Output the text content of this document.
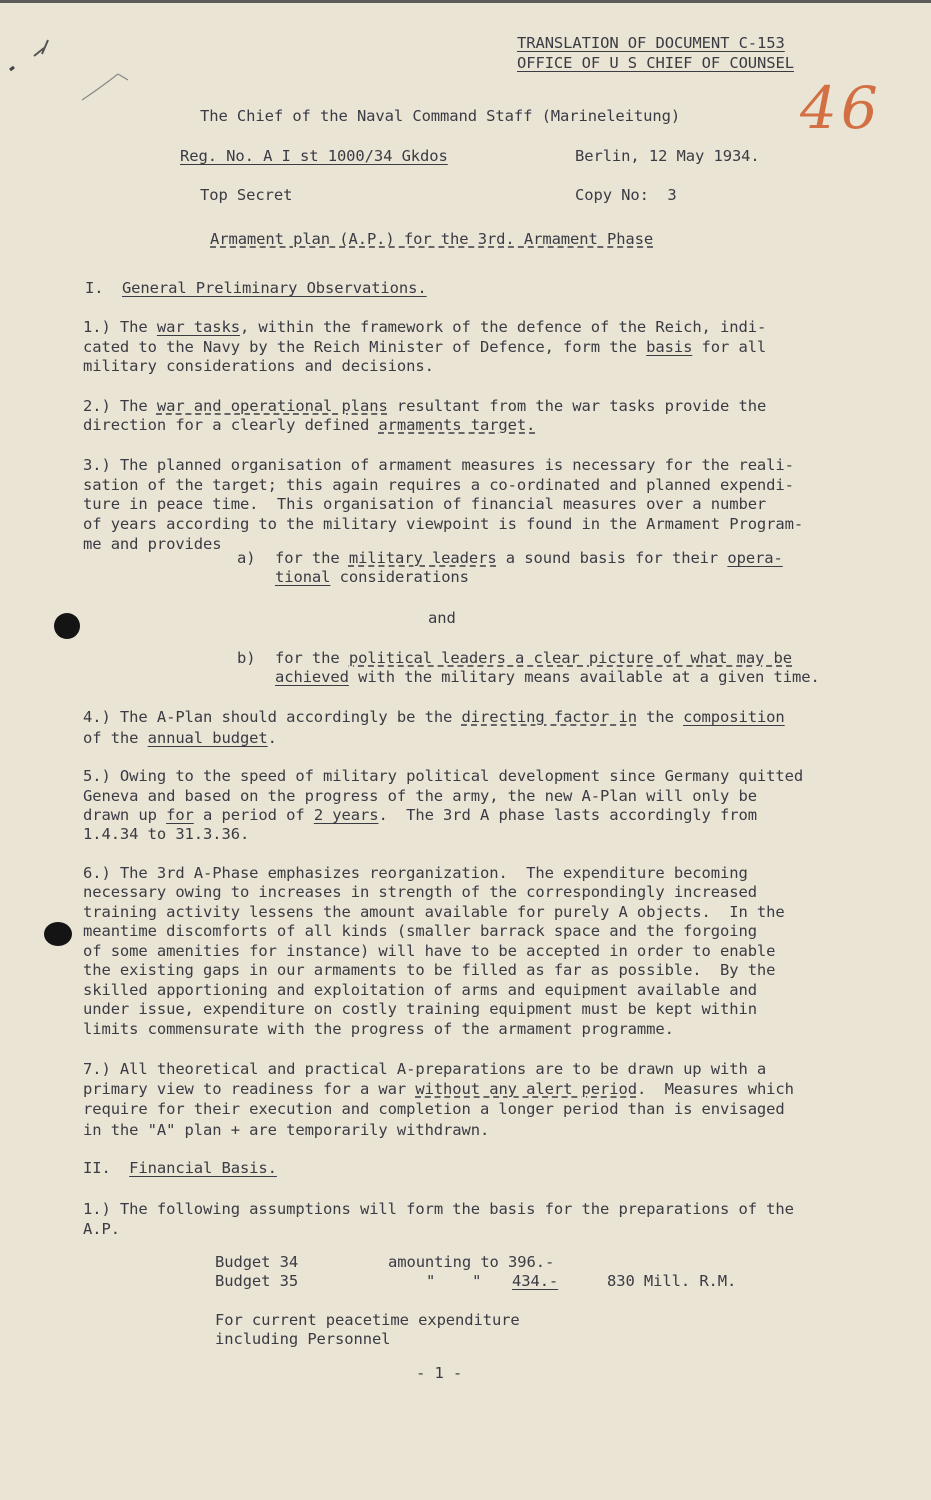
TRANSLATION OF DOCUMENT C-153
OFFICE OF U S CHIEF OF COUNSEL
46
The Chief of the Naval Command Staff (Marineleitung)
Reg. No. A I st 1000/34 Gkdos	Berlin, 12 May 1934.
Top Secret	Copy No:  3
Armament plan (A.P.) for the 3rd. Armament Phase
I. General Preliminary Observations.
1.) The war tasks, within the framework of the defence of the Reich, indi-
cated to the Navy by the Reich Minister of Defence, form the basis for all
military considerations and decisions.
2.) The war and operational plans resultant from the war tasks provide the
direction for a clearly defined armaments target.
3.) The planned organisation of armament measures is necessary for the reali-
sation of the target; this again requires a co-ordinated and planned expendi-
ture in peace time.  This organisation of financial measures over a number
of years according to the military viewpoint is found in the Armament Program-
me and provides
a) for the military leaders a sound basis for their opera-
tional considerations
and
b) for the political leaders a clear picture of what may be
achieved with the military means available at a given time.
4.) The A-Plan should accordingly be the directing factor in the composition
of the annual budget.
5.) Owing to the speed of military political development since Germany quitted
Geneva and based on the progress of the army, the new A-Plan will only be
drawn up for a period of 2 years.  The 3rd A phase lasts accordingly from
1.4.34 to 31.3.36.
6.) The 3rd A-Phase emphasizes reorganization.  The expenditure becoming
necessary owing to increases in strength of the correspondingly increased
training activity lessens the amount available for purely A objects.  In the
meantime discomforts of all kinds (smaller barrack space and the forgoing
of some amenities for instance) will have to be accepted in order to enable
the existing gaps in our armaments to be filled as far as possible.  By the
skilled apportioning and exploitation of arms and equipment available and
under issue, expenditure on costly training equipment must be kept within
limits commensurate with the progress of the armament programme.
7.) All theoretical and practical A-preparations are to be drawn up with a
primary view to readiness for a war without any alert period.  Measures which
require for their execution and completion a longer period than is envisaged
in the "A" plan + are temporarily withdrawn.
II. Financial Basis.
1.) The following assumptions will form the basis for the preparations of the
A.P.
Budget 34	amounting to 396.-
Budget 35	"    " 434.-	830 Mill. R.M.
For current peacetime expenditure
including Personnel
- 1 -
